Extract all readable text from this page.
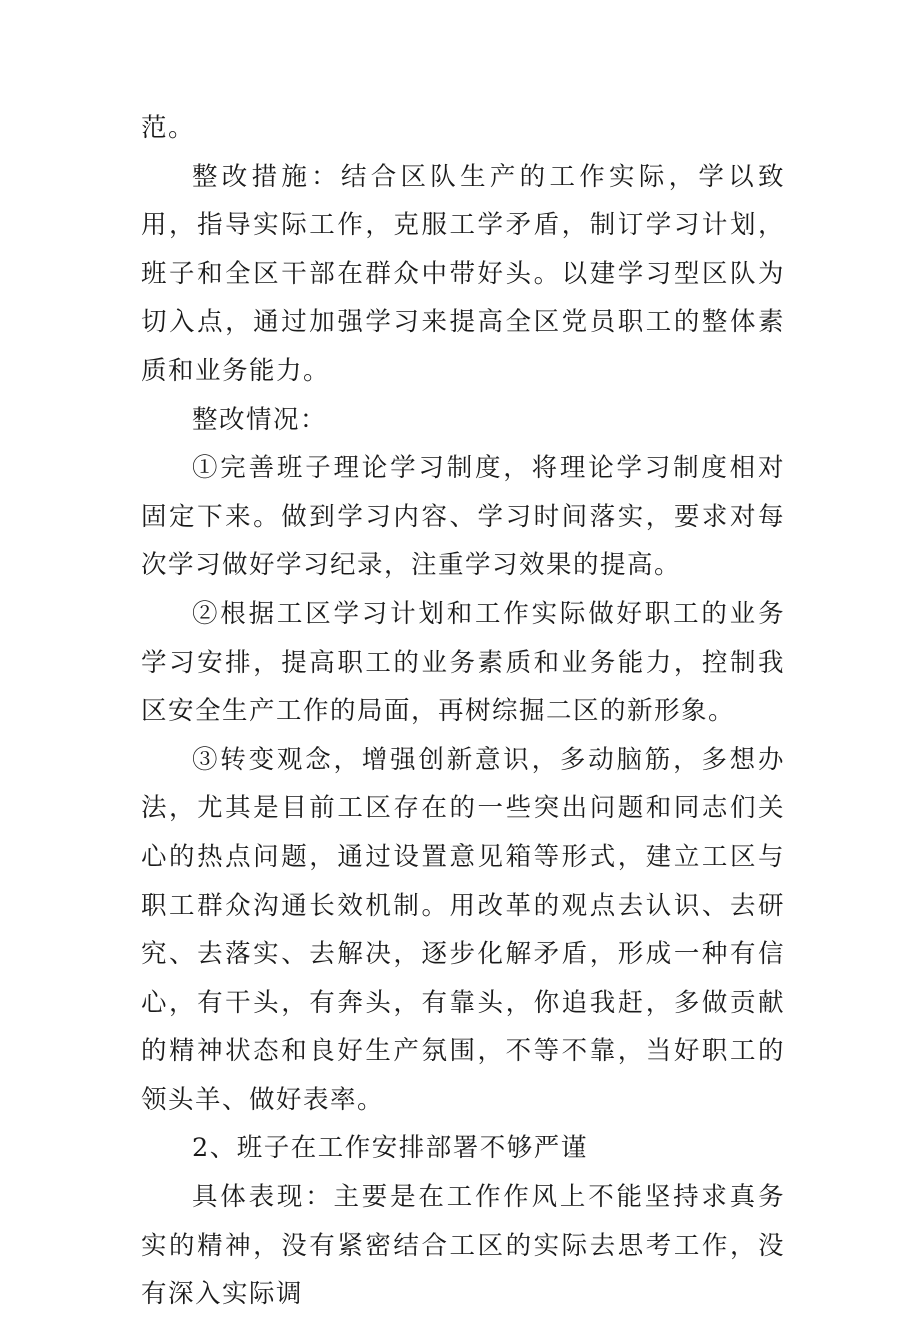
范。

整改措施：结合区队生产的工作实际，学以致用，指导实际工作，克服工学矛盾，制订学习计划，班子和全区干部在群众中带好头。以建学习型区队为切入点，通过加强学习来提高全区党员职工的整体素质和业务能力。

整改情况：

①完善班子理论学习制度，将理论学习制度相对固定下来。做到学习内容、学习时间落实，要求对每次学习做好学习纪录，注重学习效果的提高。

②根据工区学习计划和工作实际做好职工的业务学习安排，提高职工的业务素质和业务能力，控制我区安全生产工作的局面，再树综掘二区的新形象。

③转变观念，增强创新意识，多动脑筋，多想办法，尤其是目前工区存在的一些突出问题和同志们关心的热点问题，通过设置意见箱等形式，建立工区与职工群众沟通长效机制。用改革的观点去认识、去研究、去落实、去解决，逐步化解矛盾，形成一种有信心，有干头，有奔头，有靠头，你追我赶，多做贡献的精神状态和良好生产氛围，不等不靠，当好职工的领头羊、做好表率。

2、班子在工作安排部署不够严谨

具体表现：主要是在工作作风上不能坚持求真务实的精神，没有紧密结合工区的实际去思考工作，没有深入实际调
